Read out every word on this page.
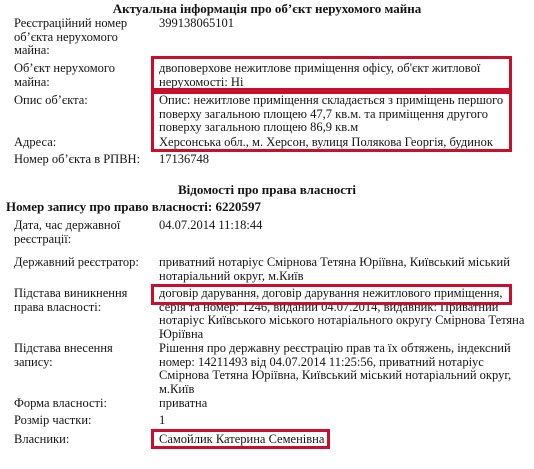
Актуальна інформація про об’єкт нерухомого майна
Реєстраційний номер об’єкта нерухомого майна:
399138065101
Об’єкт нерухомого майна:
двоповерхове нежитлове приміщення офісу, об'єкт житлової нерухомості: Ні
Опис об’єкта:	Опис: нежитлове приміщення складається з приміщень першого поверху загальною площею 47,7 кв.м. та приміщення другого поверху загальною площею 86,9 кв.м
Адреса:	Херсонська обл., м. Херсон, вулиця Полякова Георгія, будинок
Номер об’єкта в РПВН:	17136748
Відомості про права власності
Номер запису про право власності: 6220597
Дата, час державної реєстрації:
04.07.2014 11:18:44
Державний реєстратор:	приватний нотаріус Смірнова Тетяна Юріївна, Київський міський нотаріальний округ, м.Київ
Підстава виникнення права власності:
договір дарування, договір дарування нежитлового приміщення, серія та номер: 1246, виданий 04.07.2014, видавник: Приватний нотаріус Київського міського нотаріального округу Смірнова Тетяна Юріївна
Підстава внесення запису:
Рішення про державну реєстрацію прав та їх обтяжень, індексний номер: 14211493 від 04.07.2014 11:25:56, приватний нотаріус Смірнова Тетяна Юріївна, Київський міський нотаріальний округ, м.Київ
Форма власності:	приватна
Розмір частки:	1
Власники:	Самойлик Катерина Семенівна
